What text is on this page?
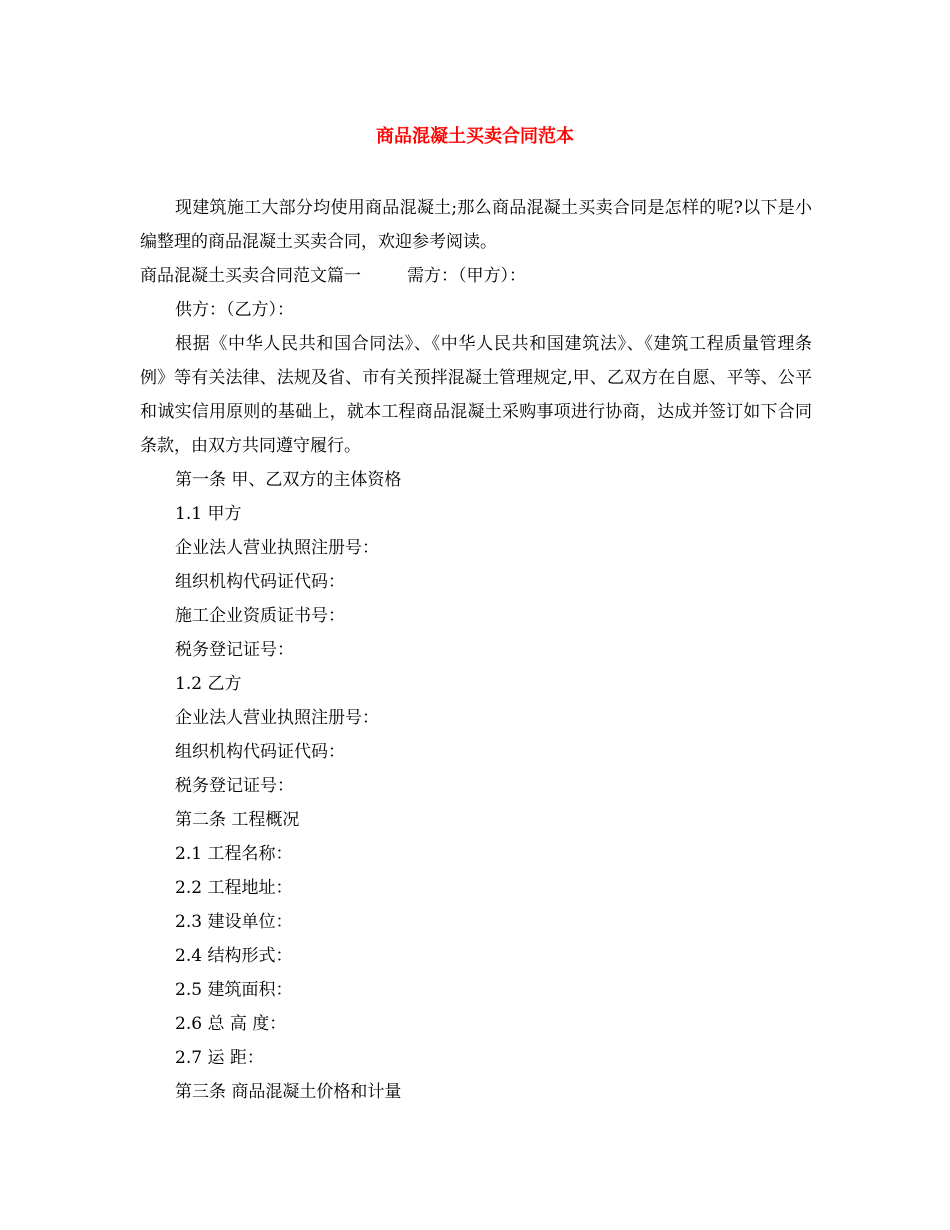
商品混凝土买卖合同范本

现建筑施工大部分均使用商品混凝土;那么商品混凝土买卖合同是怎样的呢?以下是小编整理的商品混凝土买卖合同，欢迎参考阅读。

商品混凝土买卖合同范文篇一	需方：（甲方）：

供方：（乙方）：

根据《中华人民共和国合同法》、《中华人民共和国建筑法》、《建筑工程质量管理条例》等有关法律、法规及省、市有关预拌混凝土管理规定,甲、乙双方在自愿、平等、公平和诚实信用原则的基础上，就本工程商品混凝土采购事项进行协商，达成并签订如下合同条款，由双方共同遵守履行。

第一条 甲、乙双方的主体资格

1.1 甲方

企业法人营业执照注册号：

组织机构代码证代码：

施工企业资质证书号：

税务登记证号：

1.2 乙方

企业法人营业执照注册号：

组织机构代码证代码：

税务登记证号：

第二条 工程概况

2.1 工程名称：

2.2 工程地址：

2.3 建设单位：

2.4 结构形式：

2.5 建筑面积：

2.6 总 高 度：

2.7 运 距：

第三条 商品混凝土价格和计量
